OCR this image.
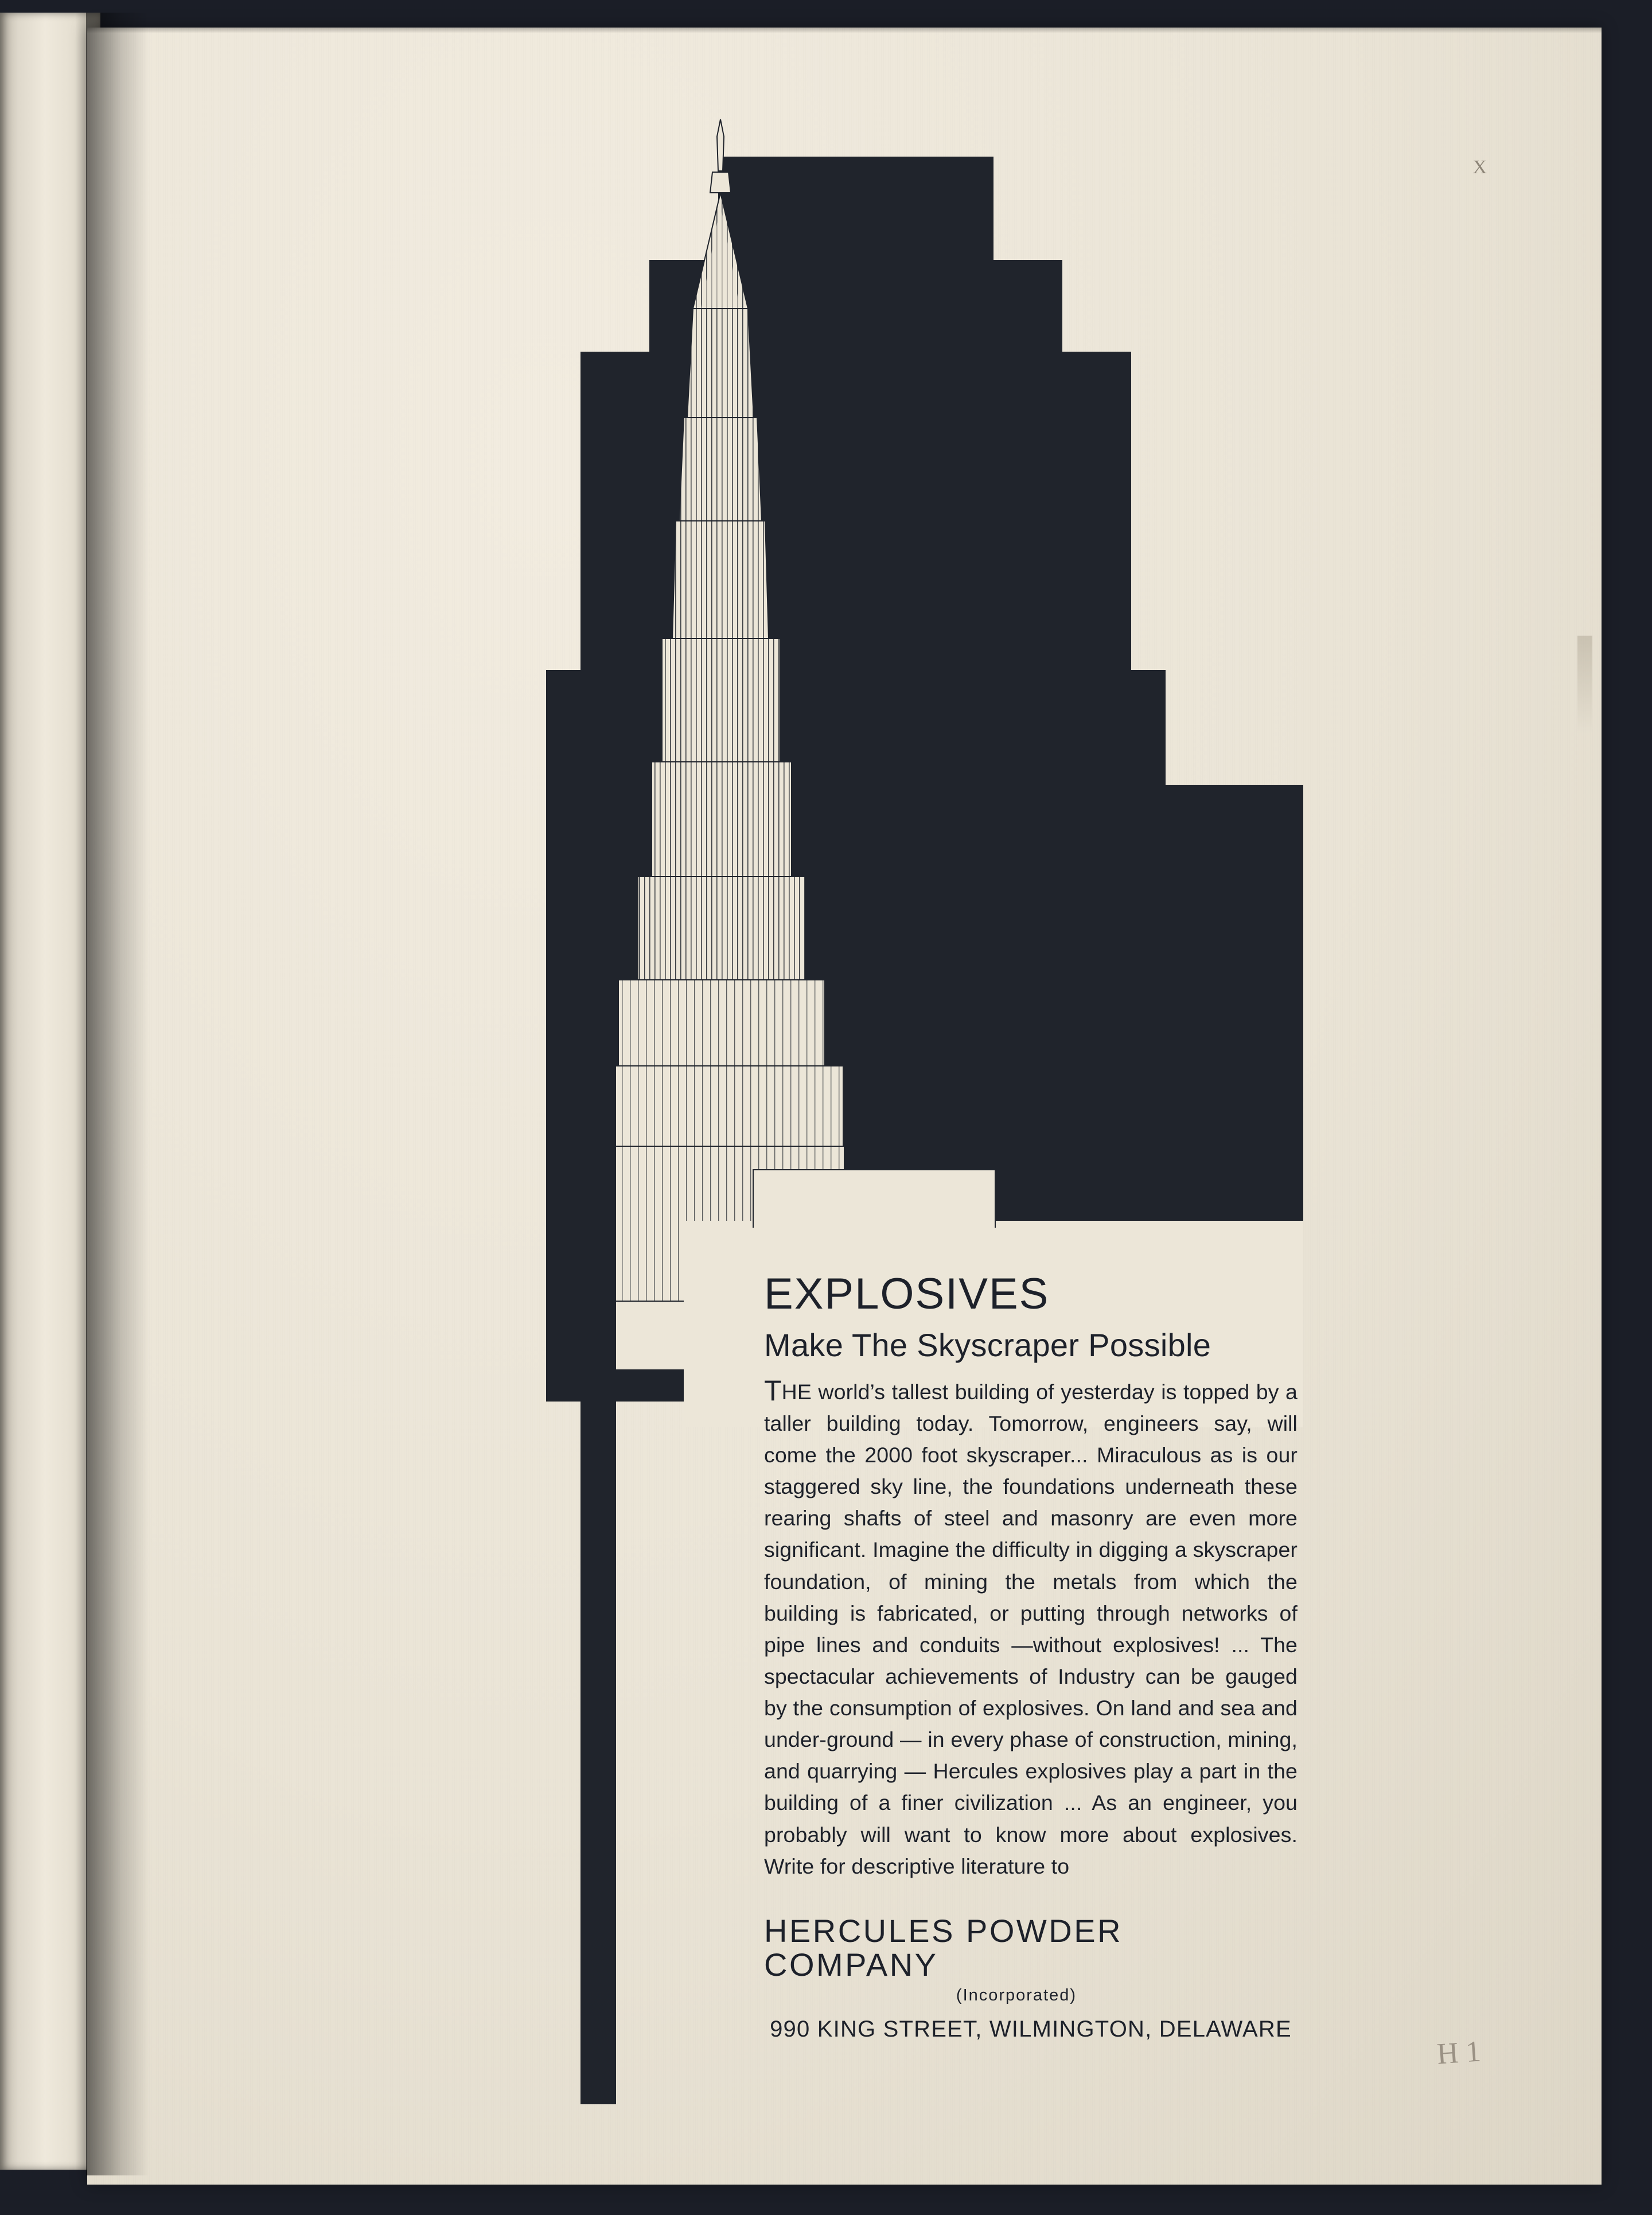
X
H 1
EXPLOSIVES
Make The Skyscraper Possible

THE world’s tallest building of yesterday is topped by a taller building today. Tomorrow, engineers say, will come the 2000 foot skyscraper... Miraculous as is our staggered sky line, the foundations underneath these rearing shafts of steel and masonry are even more significant. Imagine the difficulty in digging a skyscraper foundation, of mining the metals from which the building is fabricated, or putting through networks of pipe lines and conduits —without explosives! ... The spectacular achievements of Industry can be gauged by the consumption of explosives. On land and sea and under-ground — in every phase of construction, mining, and quarrying — Hercules explosives play a part in the building of a finer civilization ... As an engineer, you probably will want to know more about explosives. Write for descriptive literature to

HERCULES POWDER COMPANY
(Incorporated)
990 KING STREET, WILMINGTON, DELAWARE
